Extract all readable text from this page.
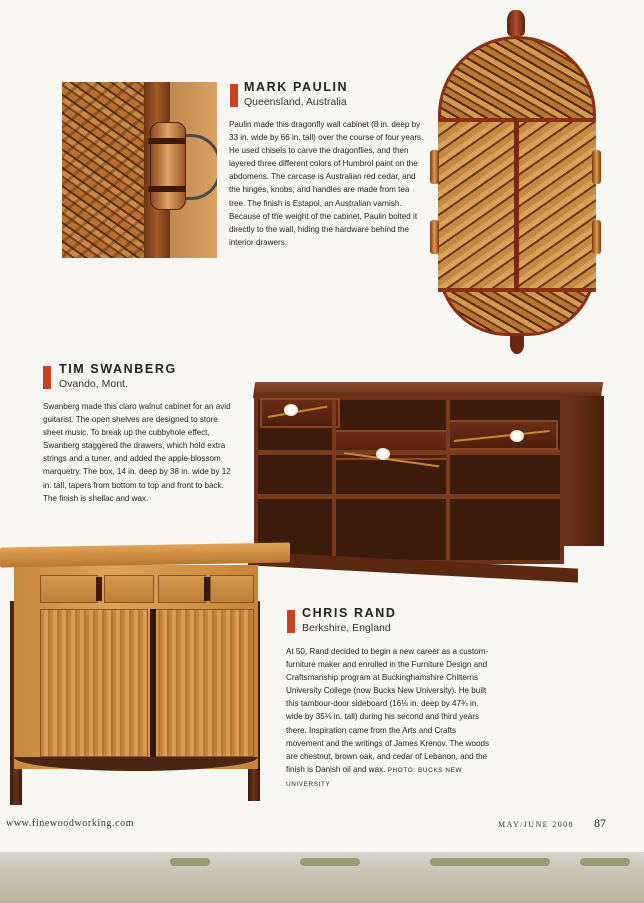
MARK PAULIN
Queensland, Australia

Paulin made this dragonfly wall cabinet (8 in. deep by 33 in. wide by 66 in. tall) over the course of four years. He used chisels to carve the dragonflies, and then layered three different colors of Humbrol paint on the abdomens. The carcase is Australian red cedar, and the hinges, knobs, and handles are made from tea tree. The finish is Estapol, an Australian varnish. Because of the weight of the cabinet, Paulin bolted it directly to the wall, hiding the hardware behind the interior drawers.

TIM SWANBERG
Ovando, Mont.

Swanberg made this claro walnut cabinet for an avid guitarist. The open shelves are designed to store sheet music. To break up the cubbyhole effect, Swanberg staggered the drawers, which hold extra strings and a tuner, and added the apple-blossom marquetry. The box, 14 in. deep by 38 in. wide by 12 in. tall, tapers from bottom to top and front to back. The finish is shellac and wax.

CHRIS RAND
Berkshire, England

At 50, Rand decided to begin a new career as a custom-furniture maker and enrolled in the Furniture Design and Craftsmanship program at Buckinghamshire Chilterns University College (now Bucks New University). He built this tambour-door sideboard (16⅛ in. deep by 47¾ in. wide by 35⅛ in. tall) during his second and third years there. Inspiration came from the Arts and Crafts movement and the writings of James Krenov. The woods are chestnut, brown oak, and cedar of Lebanon, and the finish is Danish oil and wax. PHOTO: BUCKS NEW UNIVERSITY

www.finewoodworking.com	MAY/JUNE 2008 87
